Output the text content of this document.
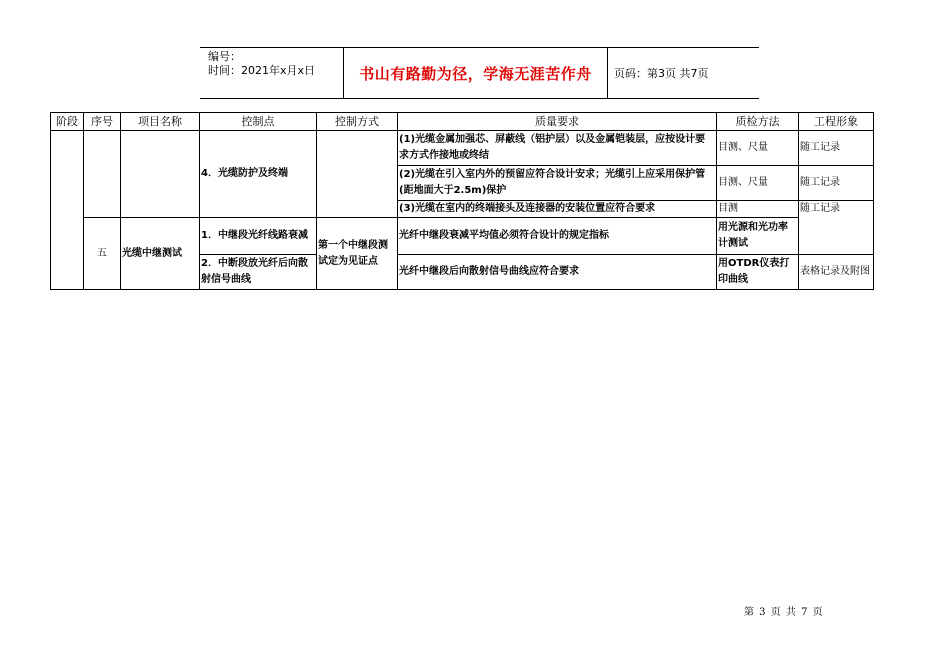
编号：
时间：2021年x月x日	书山有路勤为径，学海无涯苦作舟	页码：第3页 共7页
阶段	序号	项目名称	控制点	控制方式	质量要求	质检方法	工程形象
			4．光缆防护及终端		(1)光缆金属加强芯、屏蔽线（铝护层）以及金属铠装层，应按设计要求方式作接地或终结	目测、尺量	随工记录
					(2)光缆在引入室内外的预留应符合设计安求；光缆引上应采用保护管(距地面大于2.5m)保护	目测、尺量	随工记录
					(3)光缆在室内的终端接头及连接器的安装位置应符合要求	目测	随工记录
	五	光缆中继测试	1．中继段光纤线路衰减	第一个中继段测试定为见证点	光纤中继段衰减平均值必须符合设计的规定指标	用光源和光功率计测试	
			2．中断段放光纤后向散射信号曲线		光纤中继段后向散射信号曲线应符合要求	用OTDR仪表打印曲线	表格记录及附图
第 3 页 共 7 页
